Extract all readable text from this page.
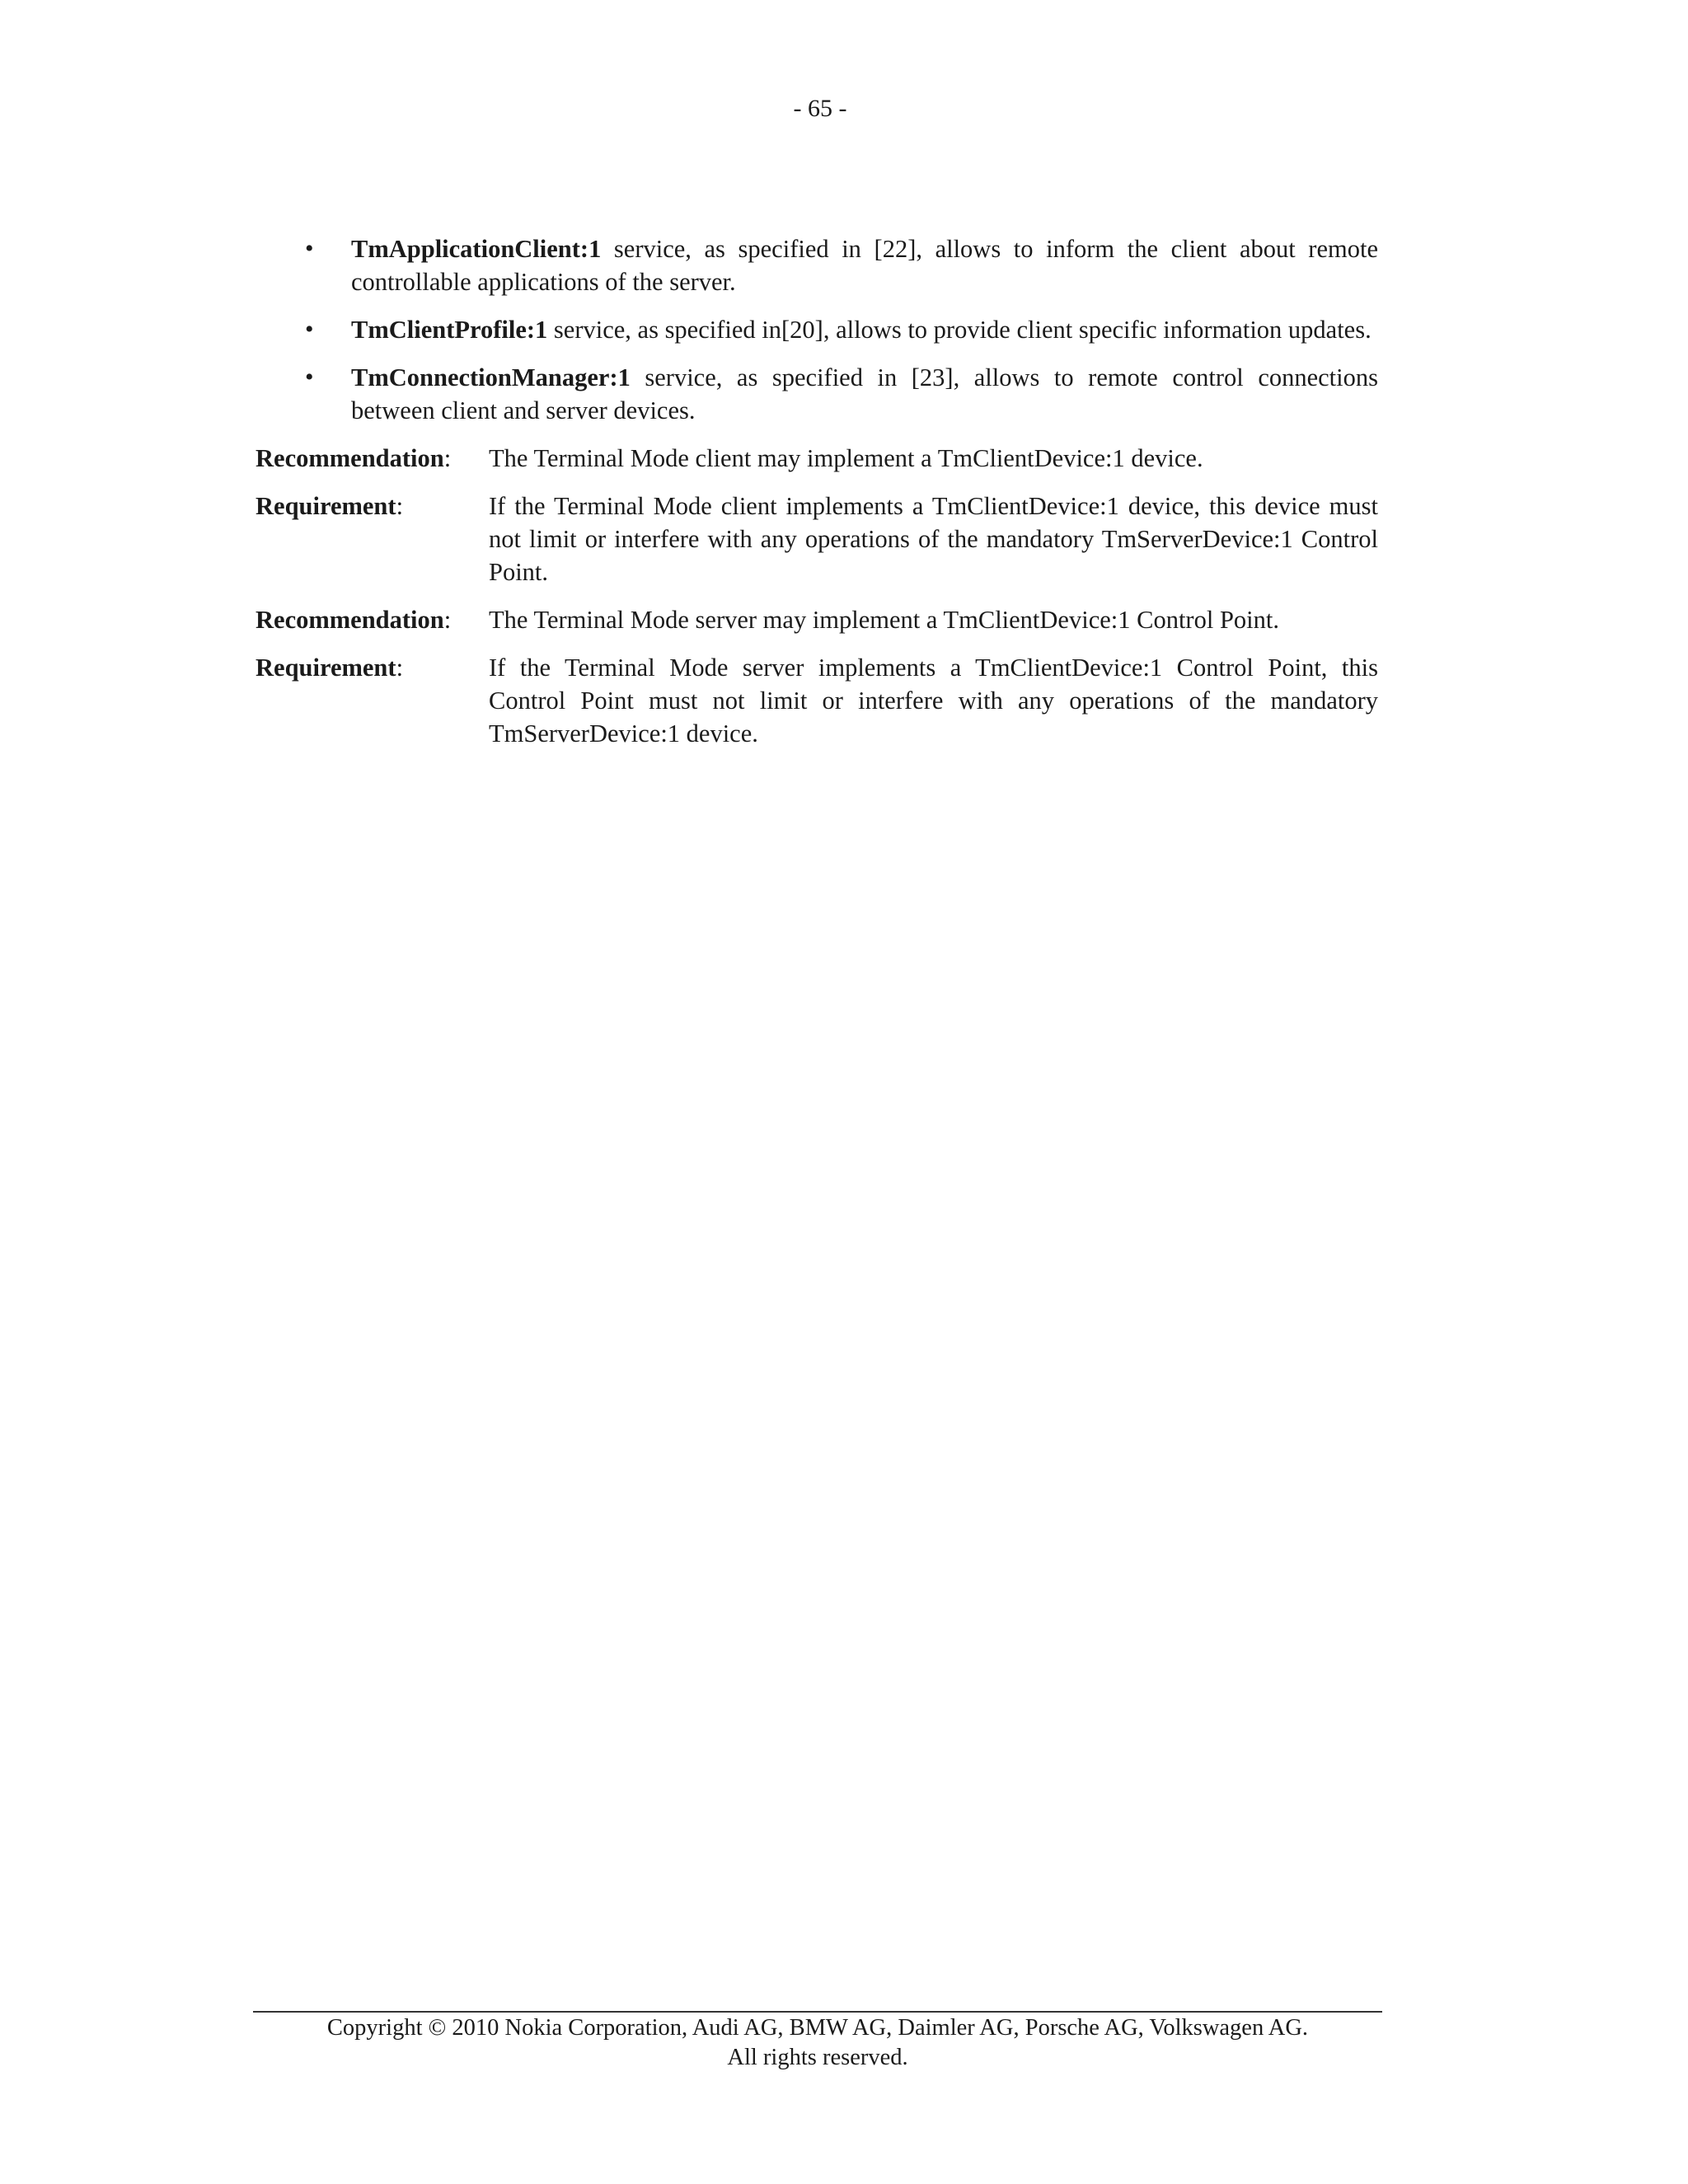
- 65 -
• TmApplicationClient:1 service, as specified in [22], allows to inform the client about remote controllable applications of the server.
• TmClientProfile:1 service, as specified in[20], allows to provide client specific information updates.
• TmConnectionManager:1 service, as specified in [23], allows to remote control connections between client and server devices.
Recommendation:	The Terminal Mode client may implement a TmClientDevice:1 device.
Requirement:	If the Terminal Mode client implements a TmClientDevice:1 device, this device must not limit or interfere with any operations of the mandatory TmServerDevice:1 Control Point.
Recommendation:	The Terminal Mode server may implement a TmClientDevice:1 Control Point.
Requirement:	If the Terminal Mode server implements a TmClientDevice:1 Control Point, this Control Point must not limit or interfere with any operations of the mandatory TmServerDevice:1 device.
Copyright © 2010 Nokia Corporation, Audi AG, BMW AG, Daimler AG, Porsche AG, Volkswagen AG.
All rights reserved.
